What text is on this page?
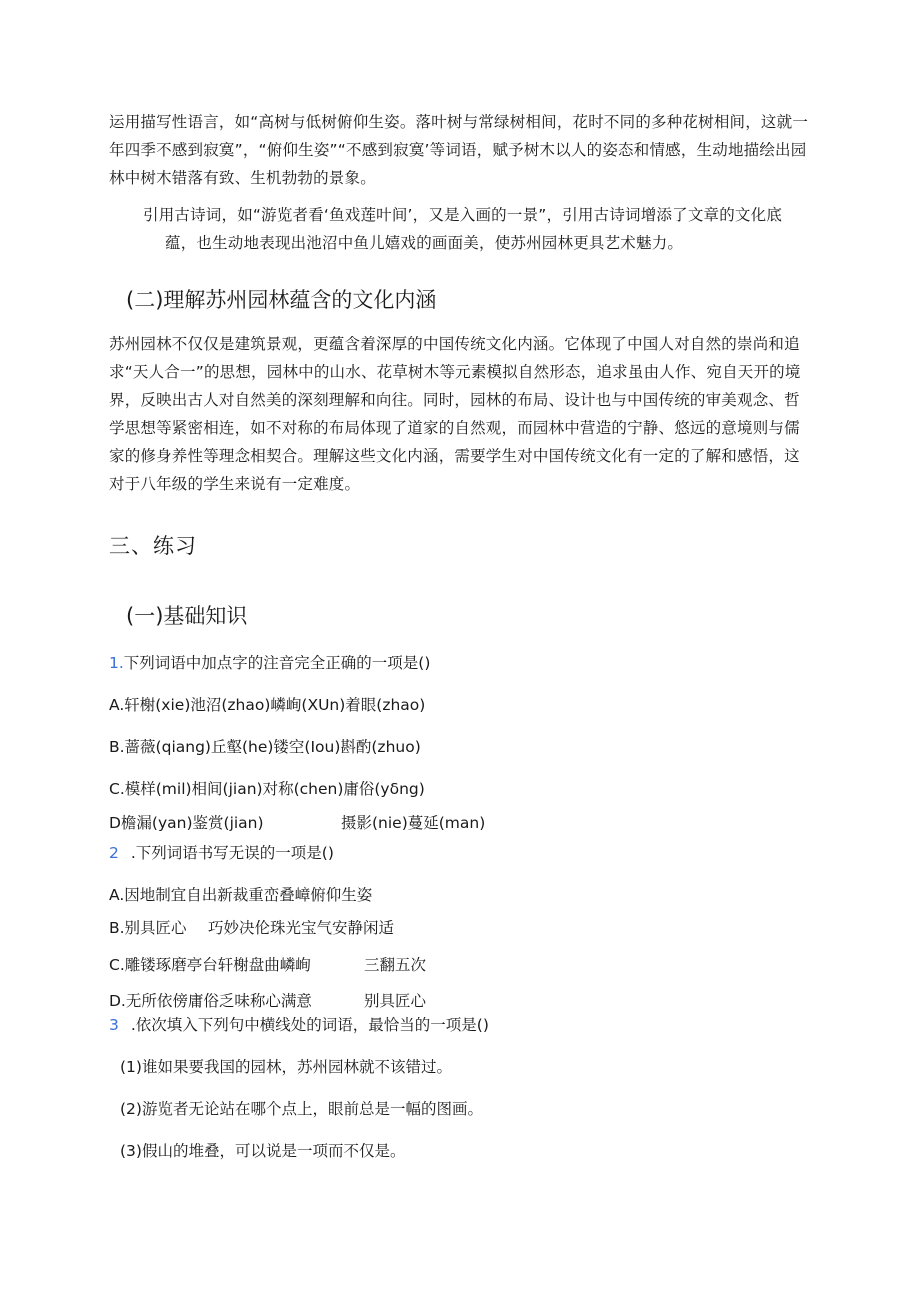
运用描写性语言，如“高树与低树俯仰生姿。落叶树与常绿树相间，花时不同的多种花树相间，这就一年四季不感到寂寞”，“俯仰生姿”“不感到寂寞’等词语，赋予树木以人的姿态和情感，生动地描绘出园林中树木错落有致、生机勃勃的景象。

引用古诗词，如“游览者看‘鱼戏莲叶间’，又是入画的一景”，引用古诗词增添了文章的文化底
蕴，也生动地表现出池沼中鱼儿嬉戏的画面美，使苏州园林更具艺术魅力。

(二)理解苏州园林蕴含的文化内涵

苏州园林不仅仅是建筑景观，更蕴含着深厚的中国传统文化内涵。它体现了中国人对自然的崇尚和追求“天人合一”的思想，园林中的山水、花草树木等元素模拟自然形态，追求虽由人作、宛自天开的境界，反映出古人对自然美的深刻理解和向往。同时，园林的布局、设计也与中国传统的审美观念、哲学思想等紧密相连，如不对称的布局体现了道家的自然观，而园林中营造的宁静、悠远的意境则与儒家的修身养性等理念相契合。理解这些文化内涵，需要学生对中国传统文化有一定的了解和感悟，这对于八年级的学生来说有一定难度。

三、练习
(一)基础知识

1.下列词语中加点字的注音完全正确的一项是()

A.轩榭(xie)池沼(zhao)嶙峋(XUn)着眼(zhao)

B.蔷薇(qiang)丘壑(he)镂空(Iou)斟酌(zhuo)

C.模样(mil)相间(jian)对称(chen)庸俗(yδng)

D檐漏(yan)鉴赏(jian)	摄影(nie)蔓延(man)

2 .下列词语书写无误的一项是()

A.因地制宜自出新裁重峦叠嶂俯仰生姿

B.别具匠心 巧妙决伦珠光宝气安静闲适

C.雕镂琢磨亭台轩榭盘曲嶙峋	三翻五次

D.无所依傍庸俗乏味称心满意	别具匠心

3 .依次填入下列句中横线处的词语，最恰当的一项是()

(1)谁如果要我国的园林，苏州园林就不该错过。

(2)游览者无论站在哪个点上，眼前总是一幅的图画。

(3)假山的堆叠，可以说是一项而不仅是。
